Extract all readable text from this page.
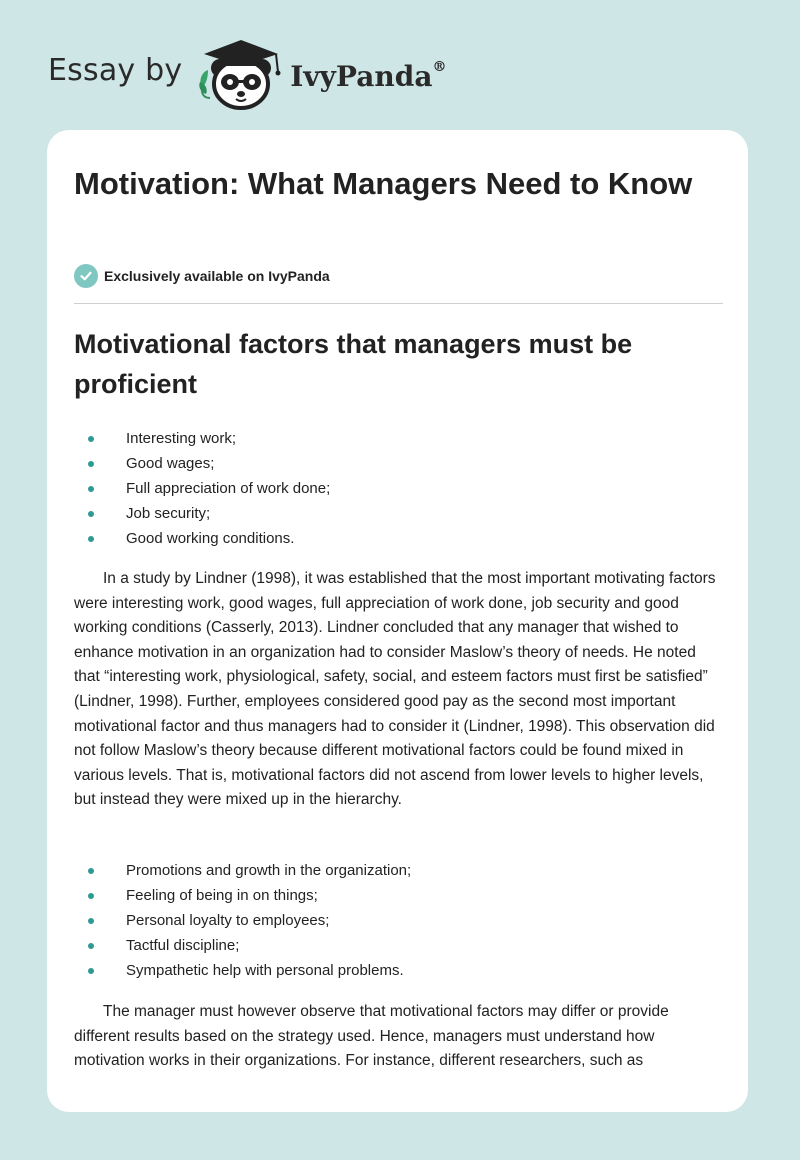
Essay by	IvyPanda®
Motivation: What Managers Need to Know
Exclusively available on IvyPanda
Motivational factors that managers must be proficient
Interesting work;
Good wages;
Full appreciation of work done;
Job security;
Good working conditions.

In a study by Lindner (1998), it was established that the most important motivating factors were interesting work, good wages, full appreciation of work done, job security and good working conditions (Casserly, 2013). Lindner concluded that any manager that wished to enhance motivation in an organization had to consider Maslow’s theory of needs. He noted that “interesting work, physiological, safety, social, and esteem factors must first be satisfied” (Lindner, 1998). Further, employees considered good pay as the second most important motivational factor and thus managers had to consider it (Lindner, 1998). This observation did not follow Maslow’s theory because different motivational factors could be found mixed in various levels. That is, motivational factors did not ascend from lower levels to higher levels, but instead they were mixed up in the hierarchy.

Promotions and growth in the organization;
Feeling of being in on things;
Personal loyalty to employees;
Tactful discipline;
Sympathetic help with personal problems.

The manager must however observe that motivational factors may differ or provide different results based on the strategy used. Hence, managers must understand how motivation works in their organizations. For instance, different researchers, such as
